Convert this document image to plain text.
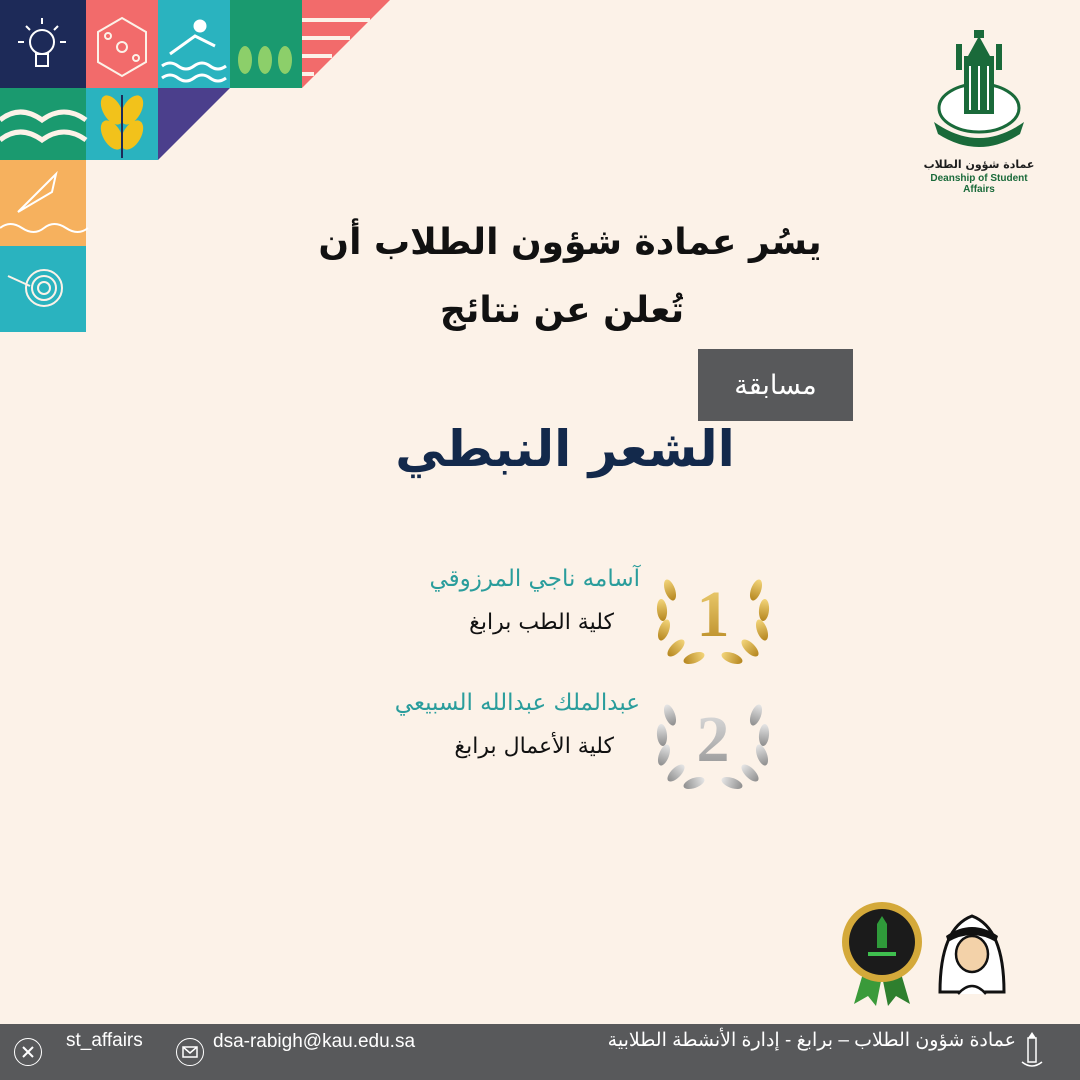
عمادة شؤون الطلاب
Deanship of Student Affairs
يسُر عمادة شؤون الطلاب أن
تُعلن عن نتائج
مسابقة
الشعر النبطي
1
آسامه ناجي المرزوقي
كلية الطب برابغ
2
عبدالملك عبدالله السبيعي
كلية الأعمال برابغ
st_affairs	dsa-rabigh@kau.edu.sa	عمادة شؤون الطلاب – برابغ - إدارة الأنشطة الطلابية
